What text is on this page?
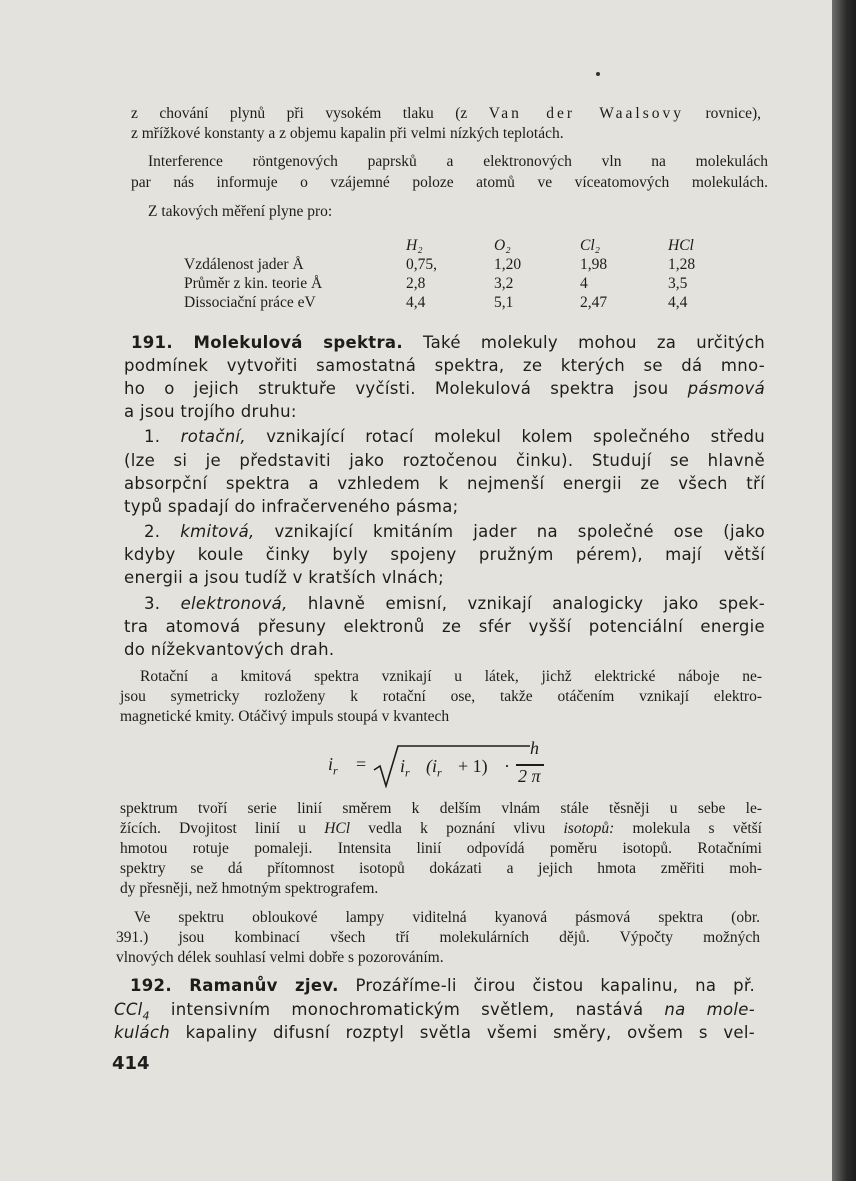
z chování plynů při vysokém tlaku (z Van der Waalsovy rovnice),
z mřížkové konstanty a z objemu kapalin při velmi nízkých teplotách.
Interference röntgenových paprsků a elektronových vln na molekulách
par nás informuje o vzájemné poloze atomů ve víceatomových molekulách.
Z takových měření plyne pro:
	H₂	O₂	Cl₂	HCl
Vzdálenost jader Å	0,75,	1,20	1,98	1,28
Průměr z kin. teorie Å	2,8	3,2	4	3,5
Dissociační práce eV	4,4	5,1	2,47	4,4
191. Molekulová spektra. Také molekuly mohou za určitých
podmínek vytvořiti samostatná spektra, ze kterých se dá mno-
ho o jejich struktuře vyčísti. Molekulová spektra jsou pásmová
a jsou trojího druhu:
1. rotační, vznikající rotací molekul kolem společného středu
(lze si je představiti jako roztočenou činku). Studují se hlavně
absorpční spektra a vzhledem k nejmenší energii ze všech tří
typů spadají do infračerveného pásma;
2. kmitová, vznikající kmitáním jader na společné ose (jako
kdyby koule činky byly spojeny pružným pérem), mají větší
energii a jsou tudíž v kratších vlnách;
3. elektronová, hlavně emisní, vznikají analogicky jako spek-
tra atomová přesuny elektronů ze sfér vyšší potenciální energie
do nížekvantových drah.
Rotační a kmitová spektra vznikají u látek, jichž elektrické náboje ne-
jsou symetricky rozloženy k rotační ose, takže otáčením vznikají elektro-
magnetické kmity. Otáčivý impuls stoupá v kvantech
$i_r = i_r$ $(i_r + 1)$ ·
h
2 π
spektrum tvoří serie linií směrem k delším vlnám stále těsněji u sebe le-
žících. Dvojitost linií u HCl vedla k poznání vlivu isotopů: molekula s větší
hmotou rotuje pomaleji. Intensita linií odpovídá poměru isotopů. Rotačními
spektry se dá přítomnost isotopů dokázati a jejich hmota změřiti moh-
dy přesněji, než hmotným spektrografem.
Ve spektru obloukové lampy viditelná kyanová pásmová spektra (obr.
391.) jsou kombinací všech tří molekulárních dějů. Výpočty možných
vlnových délek souhlasí velmi dobře s pozorováním.
192. Ramanův zjev. Prozáříme-li čirou čistou kapalinu, na př.
CCl$_4$ intensivním monochromatickým světlem, nastává na mole-
kulách kapaliny difusní rozptyl světla všemi směry, ovšem s vel-
414
